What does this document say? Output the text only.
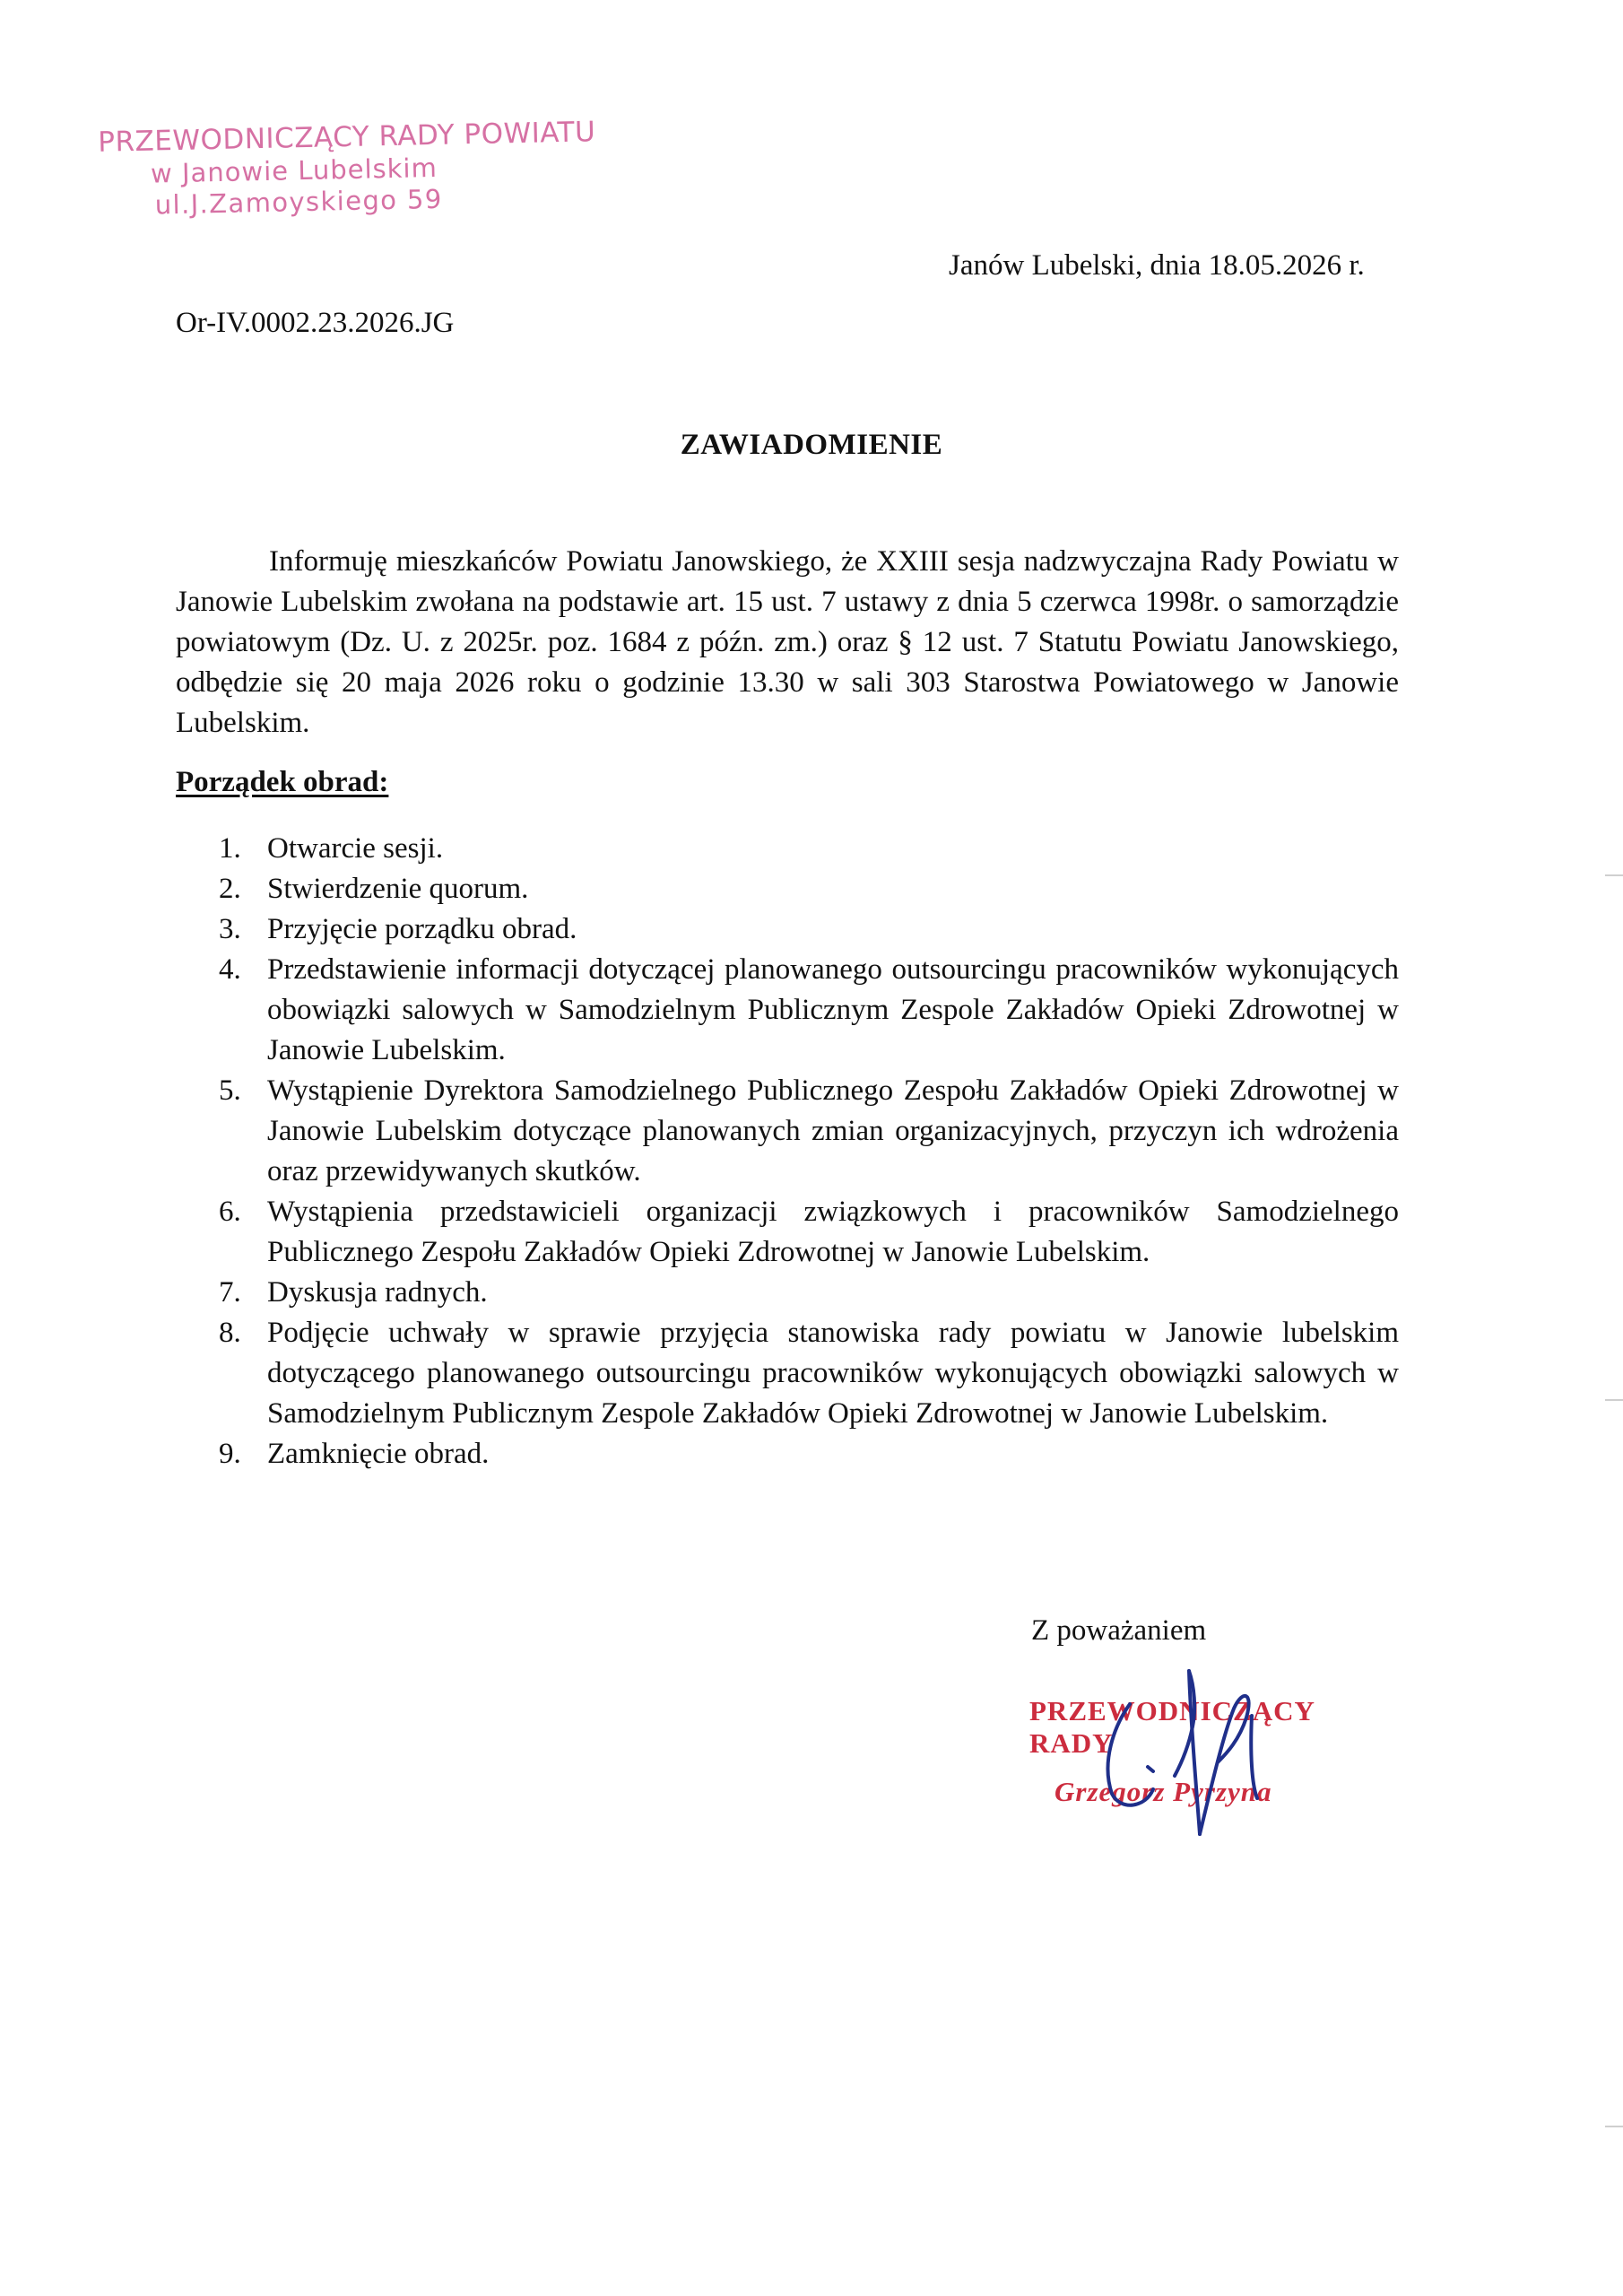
PRZEWODNICZĄCY RADY POWIATU
w Janowie Lubelskim
ul.J.Zamoyskiego 59
Janów Lubelski, dnia 18.05.2026 r.
Or-IV.0002.23.2026.JG
ZAWIADOMIENIE
Informuję mieszkańców Powiatu Janowskiego, że XXIII sesja nadzwyczajna Rady Powiatu w Janowie Lubelskim zwołana na podstawie art. 15 ust. 7 ustawy z dnia 5 czerwca 1998r. o samorządzie powiatowym (Dz. U. z 2025r. poz. 1684 z późn. zm.) oraz § 12 ust. 7 Statutu Powiatu Janowskiego, odbędzie się 20 maja 2026 roku o godzinie 13.30 w sali 303 Starostwa Powiatowego w Janowie Lubelskim.
Porządek obrad:
1. Otwarcie sesji.
2. Stwierdzenie quorum.
3. Przyjęcie porządku obrad.
4. Przedstawienie informacji dotyczącej planowanego outsourcingu pracowników wykonujących obowiązki salowych w Samodzielnym Publicznym Zespole Zakładów Opieki Zdrowotnej w Janowie Lubelskim.
5. Wystąpienie Dyrektora Samodzielnego Publicznego Zespołu Zakładów Opieki Zdrowotnej w Janowie Lubelskim dotyczące planowanych zmian organizacyjnych, przyczyn ich wdrożenia oraz przewidywanych skutków.
6. Wystąpienia przedstawicieli organizacji związkowych i pracowników Samodzielnego Publicznego Zespołu Zakładów Opieki Zdrowotnej w Janowie Lubelskim.
7. Dyskusja radnych.
8. Podjęcie uchwały w sprawie przyjęcia stanowiska rady powiatu w Janowie lubelskim dotyczącego planowanego outsourcingu pracowników wykonujących obowiązki salowych w Samodzielnym Publicznym Zespole Zakładów Opieki Zdrowotnej w Janowie Lubelskim.
9. Zamknięcie obrad.
Z poważaniem
PRZEWODNICZĄCY RADY
Grzegorz Pyrzyna
